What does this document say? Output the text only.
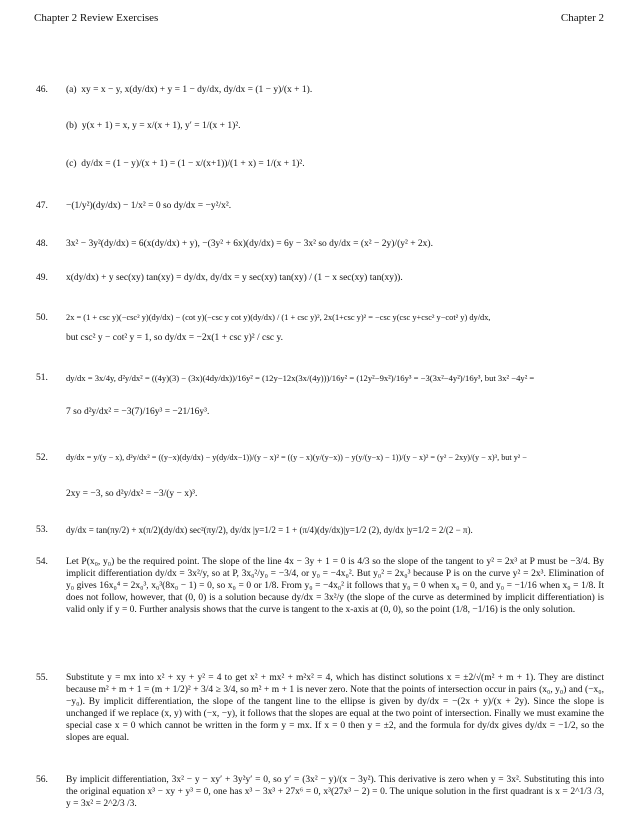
Chapter 2 Review Exercises	Chapter 2
46.	(a) xy = x − y, x(dy/dx) + y = 1 − dy/dx, dy/dx = (1 − y)/(x + 1).
(b) y(x + 1) = x, y = x/(x + 1), y′ = 1/(x + 1)².
(c) dy/dx = (1 − y)/(x + 1) = (1 − x/(x+1))/(1 + x) = 1/(x + 1)².
47.	−(1/y²)(dy/dx) − 1/x² = 0 so dy/dx = −y²/x².
48.	3x² − 3y²(dy/dx) = 6(x(dy/dx) + y), −(3y² + 6x)(dy/dx) = 6y − 3x² so dy/dx = (x² − 2y)/(y² + 2x).
49.	x(dy/dx) + y sec(xy) tan(xy) = dy/dx, dy/dx = y sec(xy) tan(xy) / (1 − x sec(xy) tan(xy)).
50.	2x = (1 + csc y)(−csc² y)(dy/dx) − (cot y)(−csc y cot y)(dy/dx) / (1 + csc y)², 2x(1+csc y)² = −csc y(csc y+csc² y−cot² y) dy/dx,
but csc² y − cot² y = 1, so dy/dx = −2x(1 + csc y)² / csc y.
51.	dy/dx = 3x/4y, d²y/dx² = ((4y)(3) − (3x)(4dy/dx))/16y² = (12y−12x(3x/(4y)))/16y² = (12y²−9x²)/16y³ = −3(3x²−4y²)/16y³, but 3x² −4y² =
7 so d²y/dx² = −3(7)/16y³ = −21/16y³.
52.	dy/dx = y/(y − x), d²y/dx² = ((y−x)(dy/dx) − y(dy/dx−1))/(y − x)² = ((y − x)(y/(y−x)) − y(y/(y−x) − 1))/(y − x)² = (y² − 2xy)/(y − x)³, but y² −
2xy = −3, so d²y/dx² = −3/(y − x)³.
53.	dy/dx = tan(πy/2) + x(π/2)(dy/dx) sec²(πy/2), dy/dx |y=1/2 = 1 + (π/4)(dy/dx)|y=1/2 (2), dy/dx |y=1/2 = 2/(2 − π).
54.	Let P(x₀, y₀) be the required point. The slope of the line 4x − 3y + 1 = 0 is 4/3 so the slope of the tangent to y² = 2x³ at P must be −3/4. By implicit differentiation dy/dx = 3x²/y, so at P, 3x₀²/y₀ = −3/4, or y₀ = −4x₀². But y₀² = 2x₀³ because P is on the curve y² = 2x³. Elimination of y₀ gives 16x₀⁴ = 2x₀³, x₀³(8x₀ − 1) = 0, so x₀ = 0 or 1/8. From y₀ = −4x₀² it follows that y₀ = 0 when x₀ = 0, and y₀ = −1/16 when x₀ = 1/8. It does not follow, however, that (0, 0) is a solution because dy/dx = 3x²/y (the slope of the curve as determined by implicit differentiation) is valid only if y = 0. Further analysis shows that the curve is tangent to the x-axis at (0, 0), so the point (1/8, −1/16) is the only solution.
55.	Substitute y = mx into x² + xy + y² = 4 to get x² + mx² + m²x² = 4, which has distinct solutions x = ±2/√(m² + m + 1). They are distinct because m² + m + 1 = (m + 1/2)² + 3/4 ≥ 3/4, so m² + m + 1 is never zero. Note that the points of intersection occur in pairs (x₀, y₀) and (−x₀, −y₀). By implicit differentiation, the slope of the tangent line to the ellipse is given by dy/dx = −(2x + y)/(x + 2y). Since the slope is unchanged if we replace (x, y) with (−x, −y), it follows that the slopes are equal at the two point of intersection. Finally we must examine the special case x = 0 which cannot be written in the form y = mx. If x = 0 then y = ±2, and the formula for dy/dx gives dy/dx = −1/2, so the slopes are equal.
56.	By implicit differentiation, 3x² − y − xy′ + 3y²y′ = 0, so y′ = (3x² − y)/(x − 3y²). This derivative is zero when y = 3x². Substituting this into the original equation x³ − xy + y³ = 0, one has x³ − 3x³ + 27x⁶ = 0, x³(27x³ − 2) = 0. The unique solution in the first quadrant is x = 2^1/3 /3, y = 3x² = 2^2/3 /3.
